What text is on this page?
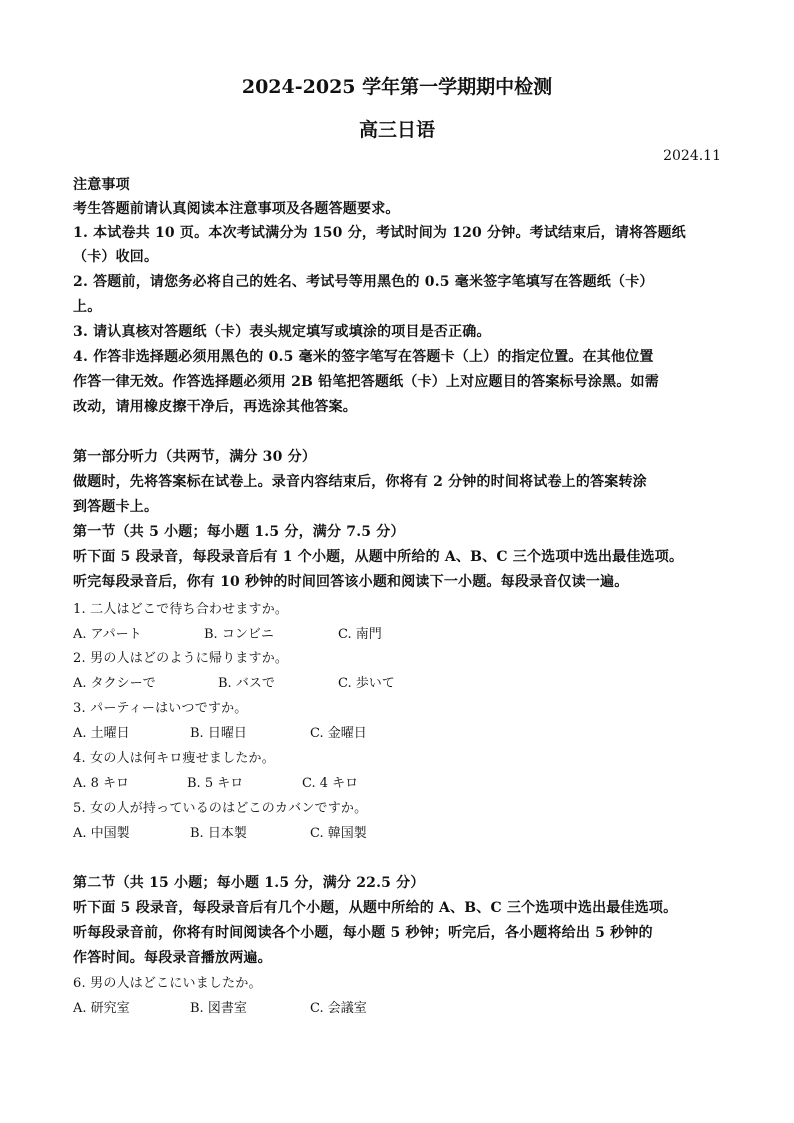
2024-2025 学年第一学期期中检测
高三日语
2024.11
注意事项
考生答题前请认真阅读本注意事项及各题答题要求。
1. 本试卷共 10 页。本次考试满分为 150 分，考试时间为 120 分钟。考试结束后，请将答题纸
（卡）收回。
2. 答题前，请您务必将自己的姓名、考试号等用黑色的 0.5 毫米签字笔填写在答题纸（卡）
上。
3. 请认真核对答题纸（卡）表头规定填写或填涂的项目是否正确。
4. 作答非选择题必须用黑色的 0.5 毫米的签字笔写在答题卡（上）的指定位置。在其他位置
作答一律无效。作答选择题必须用 2B 铅笔把答题纸（卡）上对应题目的答案标号涂黑。如需
改动，请用橡皮擦干净后，再选涂其他答案。
第一部分听力（共两节，满分 30 分）
做题时，先将答案标在试卷上。录音内容结束后，你将有 2 分钟的时间将试卷上的答案转涂
到答题卡上。
第一节（共 5 小题；每小题 1.5 分，满分 7.5 分）
听下面 5 段录音，每段录音后有 1 个小题，从题中所给的 A、B、C 三个选项中选出最佳选项。
听完每段录音后，你有 10 秒钟的时间回答该小题和阅读下一小题。每段录音仅读一遍。
1. 二人はどこで待ち合わせますか。
A. アパート	B. コンビニ	C. 南門
2. 男の人はどのように帰りますか。
A. タクシーで	B. バスで	C. 歩いて
3. パーティーはいつですか。
A. 土曜日	B. 日曜日	C. 金曜日
4. 女の人は何キロ痩せましたか。
A. 8 キロ	B. 5 キロ	C. 4 キロ
5. 女の人が持っているのはどこのカバンですか。
A. 中国製	B. 日本製	C. 韓国製
第二节（共 15 小题；每小题 1.5 分，满分 22.5 分）
听下面 5 段录音，每段录音后有几个小题，从题中所给的 A、B、C 三个选项中选出最佳选项。
听每段录音前，你将有时间阅读各个小题，每小题 5 秒钟；听完后，各小题将给出 5 秒钟的
作答时间。每段录音播放两遍。
6. 男の人はどこにいましたか。
A. 研究室	B. 図書室	C. 会議室
